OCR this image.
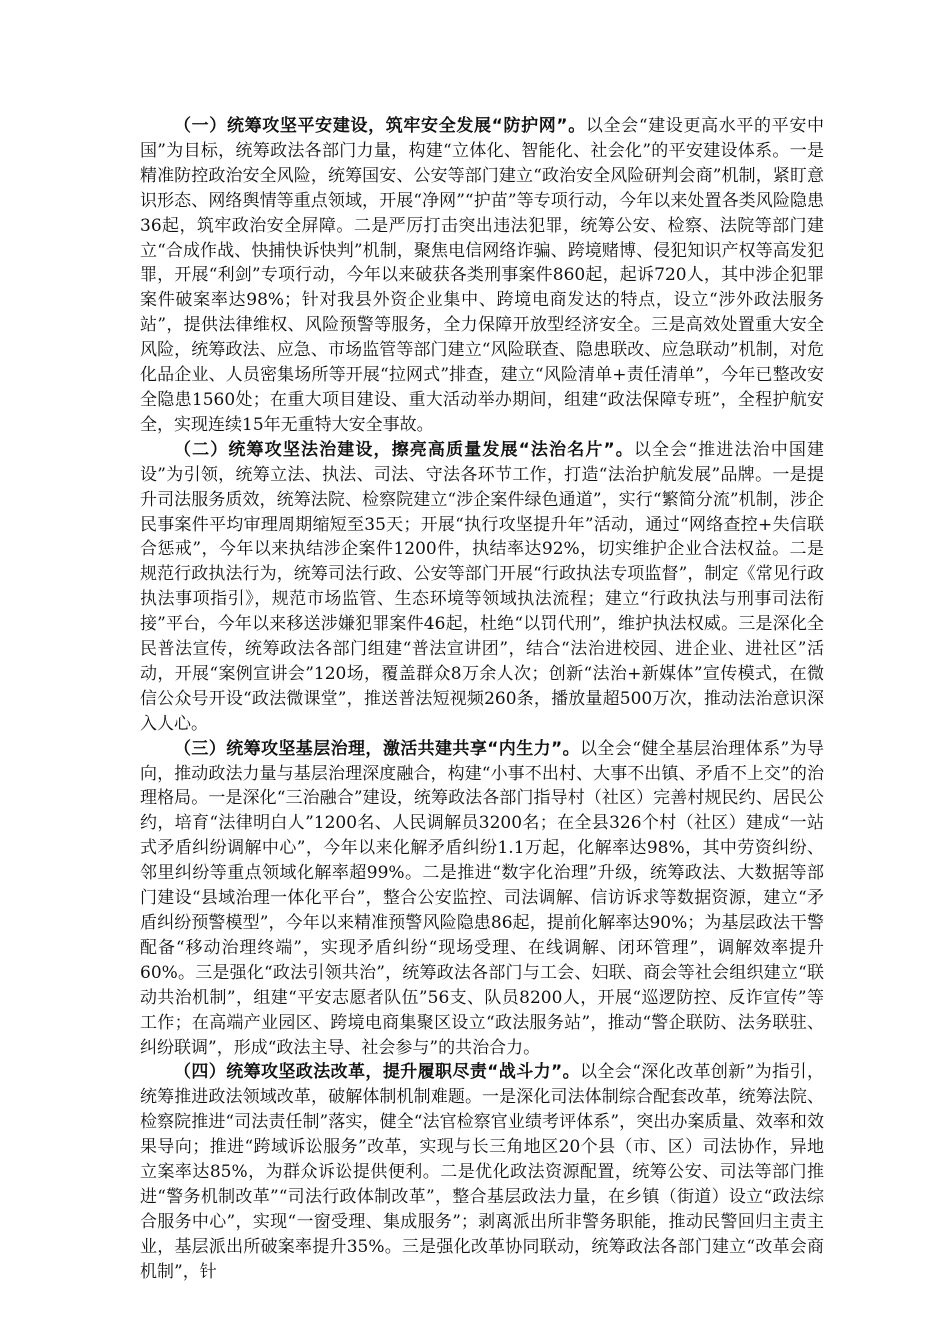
（一）统筹攻坚平安建设，筑牢安全发展“防护网”。以全会“建设更高水平的平安中国”为目标，统筹政法各部门力量，构建“立体化、智能化、社会化”的平安建设体系。一是精准防控政治安全风险，统筹国安、公安等部门建立“政治安全风险研判会商”机制，紧盯意识形态、网络舆情等重点领域，开展“净网”“护苗”等专项行动，今年以来处置各类风险隐患36起，筑牢政治安全屏障。二是严厉打击突出违法犯罪，统筹公安、检察、法院等部门建立“合成作战、快捕快诉快判”机制，聚焦电信网络诈骗、跨境赌博、侵犯知识产权等高发犯罪，开展“利剑”专项行动，今年以来破获各类刑事案件860起，起诉720人，其中涉企犯罪案件破案率达98%；针对我县外资企业集中、跨境电商发达的特点，设立“涉外政法服务站”，提供法律维权、风险预警等服务，全力保障开放型经济安全。三是高效处置重大安全风险，统筹政法、应急、市场监管等部门建立“风险联查、隐患联改、应急联动”机制，对危化品企业、人员密集场所等开展“拉网式”排查，建立“风险清单+责任清单”，今年已整改安全隐患1560处；在重大项目建设、重大活动举办期间，组建“政法保障专班”，全程护航安全，实现连续15年无重特大安全事故。

（二）统筹攻坚法治建设，擦亮高质量发展“法治名片”。以全会“推进法治中国建设”为引领，统筹立法、执法、司法、守法各环节工作，打造“法治护航发展”品牌。一是提升司法服务质效，统筹法院、检察院建立“涉企案件绿色通道”，实行“繁简分流”机制，涉企民事案件平均审理周期缩短至35天；开展“执行攻坚提升年”活动，通过“网络查控+失信联合惩戒”，今年以来执结涉企案件1200件，执结率达92%，切实维护企业合法权益。二是规范行政执法行为，统筹司法行政、公安等部门开展“行政执法专项监督”，制定《常见行政执法事项指引》，规范市场监管、生态环境等领域执法流程；建立“行政执法与刑事司法衔接”平台，今年以来移送涉嫌犯罪案件46起，杜绝“以罚代刑”，维护执法权威。三是深化全民普法宣传，统筹政法各部门组建“普法宣讲团”，结合“法治进校园、进企业、进社区”活动，开展“案例宣讲会”120场，覆盖群众8万余人次；创新“法治+新媒体”宣传模式，在微信公众号开设“政法微课堂”，推送普法短视频260条，播放量超500万次，推动法治意识深入人心。

（三）统筹攻坚基层治理，激活共建共享“内生力”。以全会“健全基层治理体系”为导向，推动政法力量与基层治理深度融合，构建“小事不出村、大事不出镇、矛盾不上交”的治理格局。一是深化“三治融合”建设，统筹政法各部门指导村（社区）完善村规民约、居民公约，培育“法律明白人”1200名、人民调解员3200名；在全县326个村（社区）建成“一站式矛盾纠纷调解中心”，今年以来化解矛盾纠纷1.1万起，化解率达98%，其中劳资纠纷、邻里纠纷等重点领域化解率超99%。二是推进“数字化治理”升级，统筹政法、大数据等部门建设“县域治理一体化平台”，整合公安监控、司法调解、信访诉求等数据资源，建立“矛盾纠纷预警模型”，今年以来精准预警风险隐患86起，提前化解率达90%；为基层政法干警配备“移动治理终端”，实现矛盾纠纷“现场受理、在线调解、闭环管理”，调解效率提升60%。三是强化“政法引领共治”，统筹政法各部门与工会、妇联、商会等社会组织建立“联动共治机制”，组建“平安志愿者队伍”56支、队员8200人，开展“巡逻防控、反诈宣传”等工作；在高端产业园区、跨境电商集聚区设立“政法服务站”，推动“警企联防、法务联驻、纠纷联调”，形成“政法主导、社会参与”的共治合力。

（四）统筹攻坚政法改革，提升履职尽责“战斗力”。以全会“深化改革创新”为指引，统筹推进政法领域改革，破解体制机制难题。一是深化司法体制综合配套改革，统筹法院、检察院推进“司法责任制”落实，健全“法官检察官业绩考评体系”，突出办案质量、效率和效果导向；推进“跨域诉讼服务”改革，实现与长三角地区20个县（市、区）司法协作，异地立案率达85%，为群众诉讼提供便利。二是优化政法资源配置，统筹公安、司法等部门推进“警务机制改革”“司法行政体制改革”，整合基层政法力量，在乡镇（街道）设立“政法综合服务中心”，实现“一窗受理、集成服务”；剥离派出所非警务职能，推动民警回归主责主业，基层派出所破案率提升35%。三是强化改革协同联动，统筹政法各部门建立“改革会商机制”，针
